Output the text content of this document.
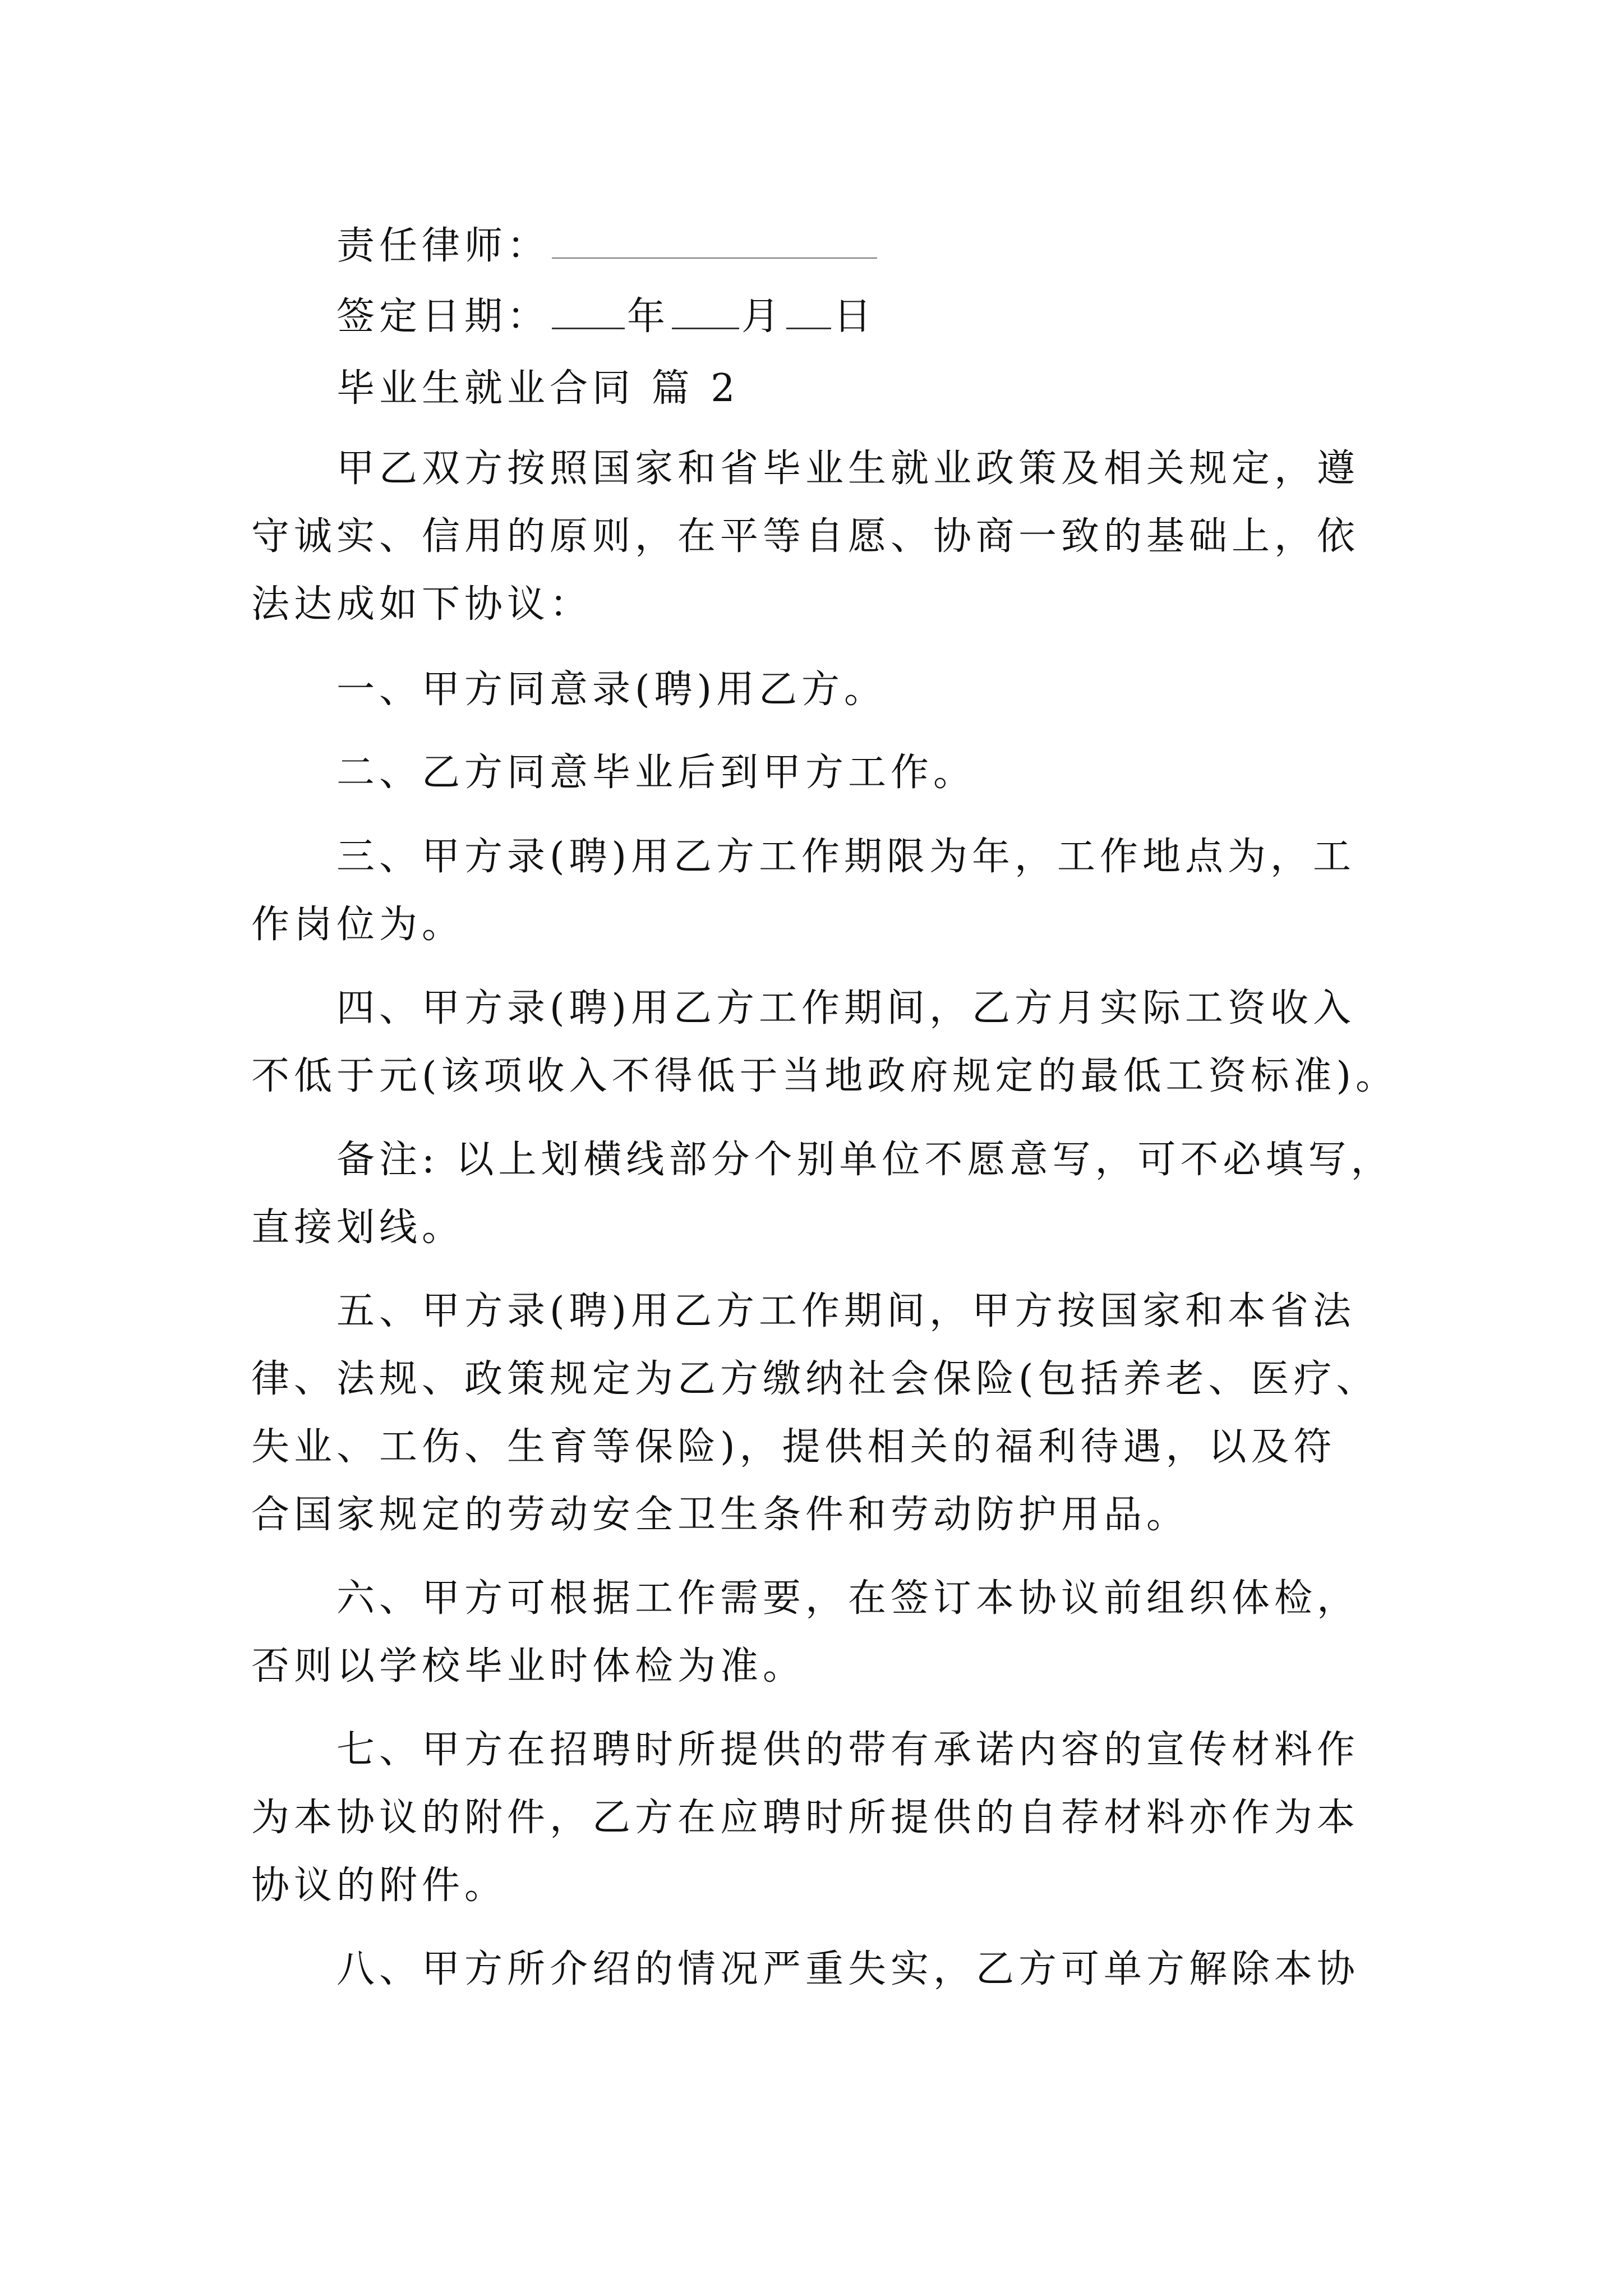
责任律师：
签定日期： 年 月 日
毕业生就业合同 篇 2
甲乙双方按照国家和省毕业生就业政策及相关规定，遵
守诚实、信用的原则，在平等自愿、协商一致的基础上，依
法达成如下协议：
一、甲方同意录(聘)用乙方。
二、乙方同意毕业后到甲方工作。
三、甲方录(聘)用乙方工作期限为年，工作地点为，工
作岗位为。
四、甲方录(聘)用乙方工作期间，乙方月实际工资收入
不低于元(该项收入不得低于当地政府规定的最低工资标准)。
备注: 以上划横线部分个别单位不愿意写，可不必填写，
直接划线。
五、甲方录(聘)用乙方工作期间，甲方按国家和本省法
律、法规、政策规定为乙方缴纳社会保险(包括养老、医疗、
失业、工伤、生育等保险)，提供相关的福利待遇，以及符
合国家规定的劳动安全卫生条件和劳动防护用品。
六、甲方可根据工作需要，在签订本协议前组织体检，
否则以学校毕业时体检为准。
七、甲方在招聘时所提供的带有承诺内容的宣传材料作
为本协议的附件，乙方在应聘时所提供的自荐材料亦作为本
协议的附件。
八、甲方所介绍的情况严重失实，乙方可单方解除本协
